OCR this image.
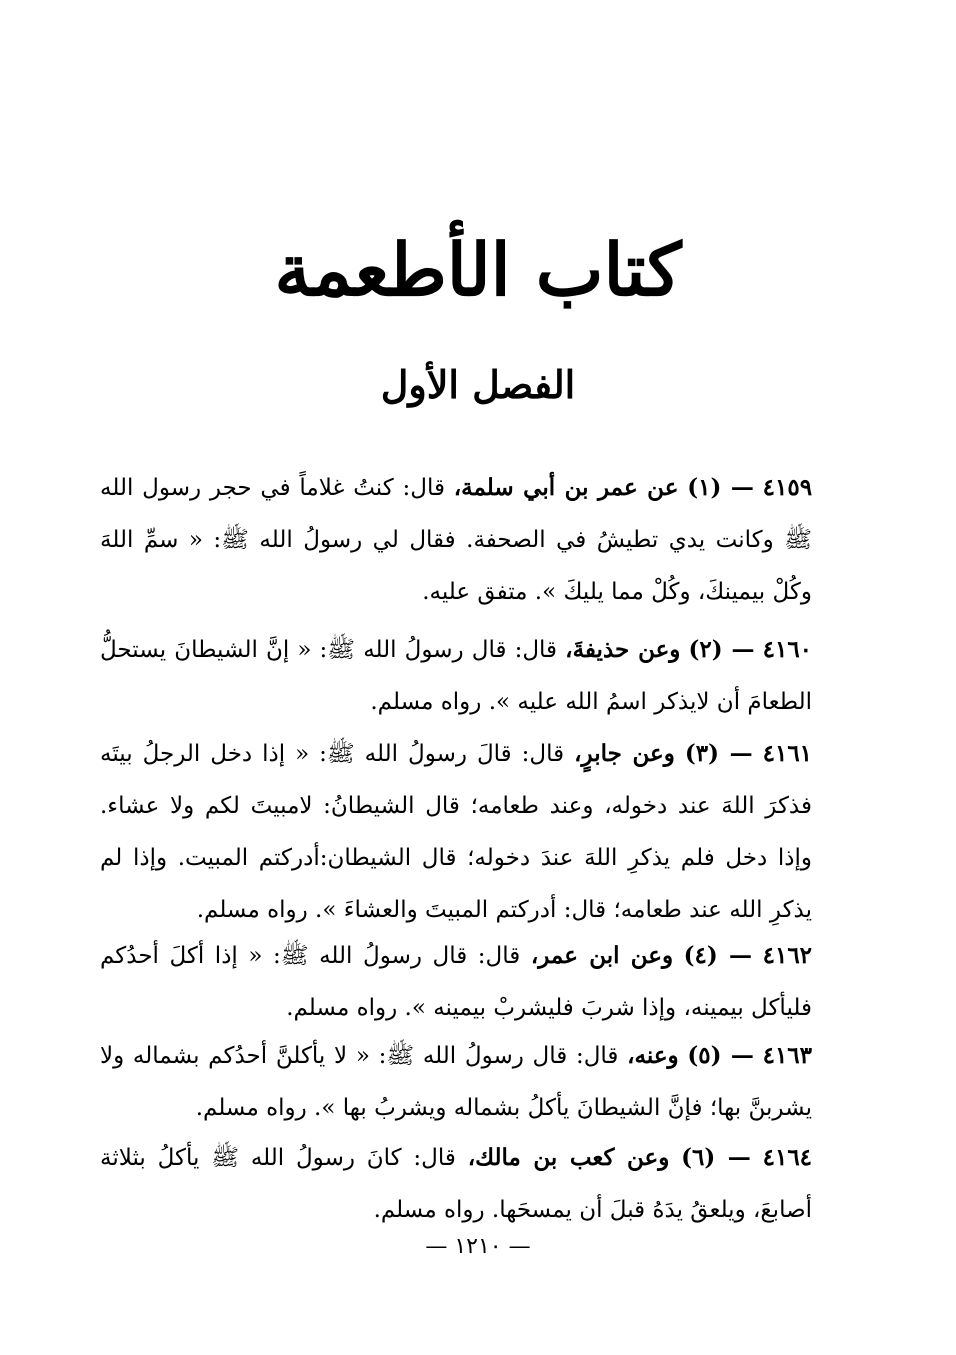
كتاب الأطعمة
الفصل الأول
٤١٥٩ — (١) عن عمر بن أبي سلمة، قال: كنتُ غلاماً في حجر رسول الله ﷺ وكانت يدي تطيشُ في الصحفة. فقال لي رسولُ الله ﷺ: « سمِّ اللهَ وكُلْ بيمينكَ، وكُلْ مما يليكَ ». متفق عليه.
٤١٦٠ — (٢) وعن حذيفةَ، قال: قال رسولُ الله ﷺ: « إنَّ الشيطانَ يستحلُّ الطعامَ أن لايذكر اسمُ الله عليه ». رواه مسلم.
٤١٦١ — (٣) وعن جابرٍ، قال: قالَ رسولُ الله ﷺ: « إذا دخل الرجلُ بيتَه فذكرَ اللهَ عند دخوله، وعند طعامه؛ قال الشيطانُ: لامبيتَ لكم ولا عشاء. وإذا دخل فلم يذكرِ اللهَ عندَ دخوله؛ قال الشيطان:أدركتم المبيت. وإذا لم يذكرِ الله عند طعامه؛ قال: أدركتم المبيتَ والعشاءَ ». رواه مسلم.
٤١٦٢ — (٤) وعن ابن عمر، قال: قال رسولُ الله ﷺ: « إذا أكلَ أحدُكم فليأكل بيمينه، وإذا شربَ فليشربْ بيمينه ». رواه مسلم.
٤١٦٣ — (٥) وعنه، قال: قال رسولُ الله ﷺ: « لا يأكلنَّ أحدُكم بشماله ولا يشربنَّ بها؛ فإنَّ الشيطانَ يأكلُ بشماله ويشربُ بها ». رواه مسلم.
٤١٦٤ — (٦) وعن كعب بن مالك، قال: كانَ رسولُ الله ﷺ يأكلُ بثلاثة أصابعَ، ويلعقُ يدَهُ قبلَ أن يمسحَها. رواه مسلم.
— ١٢١٠ —
